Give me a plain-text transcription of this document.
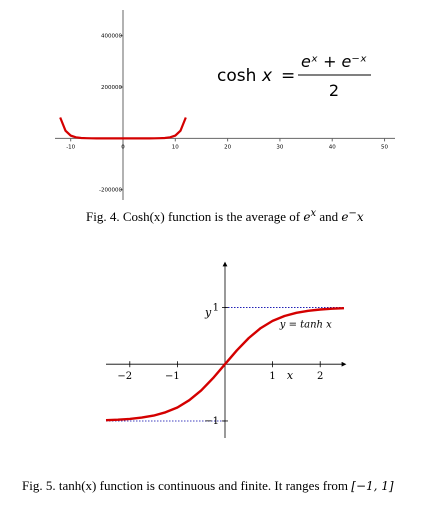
-10	0	10	20	30	40	50
400000
200000
-200000
cosh x =
eˣ + e⁻ˣ
2
Fig. 4. Cosh(x) function is the average of $e^x$ and e−x
−2	−1	1	2
1
−1
y
x
y = tanh x
Fig. 5. tanh(x) function is continuous and finite. It ranges from [−1, 1]
